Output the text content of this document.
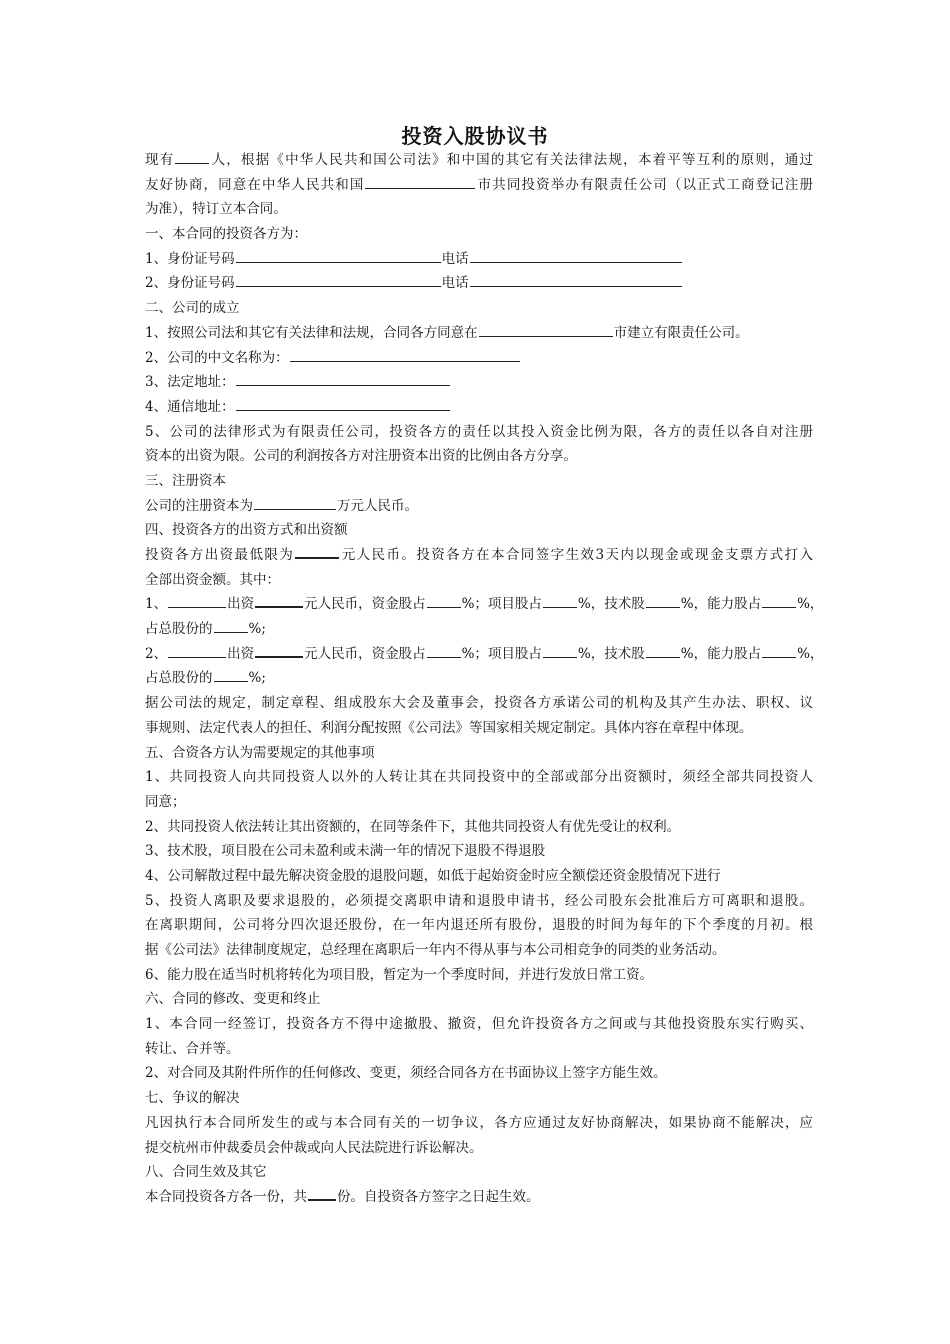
投资入股协议书
现有	人，根据《中华人民共和国公司法》和中国的其它有关法律法规，本着平等互利的原则，通过
友好协商，同意在中华人民共和国	市共同投资举办有限责任公司（以正式工商登记注册
为准），特订立本合同。
一、本合同的投资各方为：
1、身份证号码	电话
2、身份证号码	电话
二、公司的成立
1、按照公司法和其它有关法律和法规，合同各方同意在	市建立有限责任公司。
2、公司的中文名称为：
3、法定地址：
4、通信地址：
5、公司的法律形式为有限责任公司，投资各方的责任以其投入资金比例为限，各方的责任以各自对注册
资本的出资为限。公司的利润按各方对注册资本出资的比例由各方分享。
三、注册资本
公司的注册资本为	万元人民币。
四、投资各方的出资方式和出资额
投资各方出资最低限为	元人民币。投资各方在本合同签字生效3天内以现金或现金支票方式打入
全部出资金额。其中：
1、	出资	元人民币，资金股占	%；项目股占	%，技术股	%，能力股占	%，
占总股份的	%;
2、	出资	元人民币，资金股占	%；项目股占	%，技术股	%，能力股占	%，
占总股份的	%;
据公司法的规定，制定章程、组成股东大会及董事会，投资各方承诺公司的机构及其产生办法、职权、议
事规则、法定代表人的担任、利润分配按照《公司法》等国家相关规定制定。具体内容在章程中体现。
五、合资各方认为需要规定的其他事项
1、共同投资人向共同投资人以外的人转让其在共同投资中的全部或部分出资额时，须经全部共同投资人
同意；
2、共同投资人依法转让其出资额的，在同等条件下，其他共同投资人有优先受让的权利。
3、技术股，项目股在公司未盈利或未满一年的情况下退股不得退股
4、公司解散过程中最先解决资金股的退股问题，如低于起始资金时应全额偿还资金股情况下进行
5、投资人离职及要求退股的，必须提交离职申请和退股申请书，经公司股东会批准后方可离职和退股。
在离职期间，公司将分四次退还股份，在一年内退还所有股份，退股的时间为每年的下个季度的月初。根
据《公司法》法律制度规定，总经理在离职后一年内不得从事与本公司相竞争的同类的业务活动。
6、能力股在适当时机将转化为项目股，暂定为一个季度时间，并进行发放日常工资。
六、合同的修改、变更和终止
1、本合同一经签订，投资各方不得中途撤股、撤资，但允许投资各方之间或与其他投资股东实行购买、
转让、合并等。
2、对合同及其附件所作的任何修改、变更，须经合同各方在书面协议上签字方能生效。
七、争议的解决
凡因执行本合同所发生的或与本合同有关的一切争议，各方应通过友好协商解决，如果协商不能解决，应
提交杭州市仲裁委员会仲裁或向人民法院进行诉讼解决。
八、合同生效及其它
本合同投资各方各一份，共 份。自投资各方签字之日起生效。
